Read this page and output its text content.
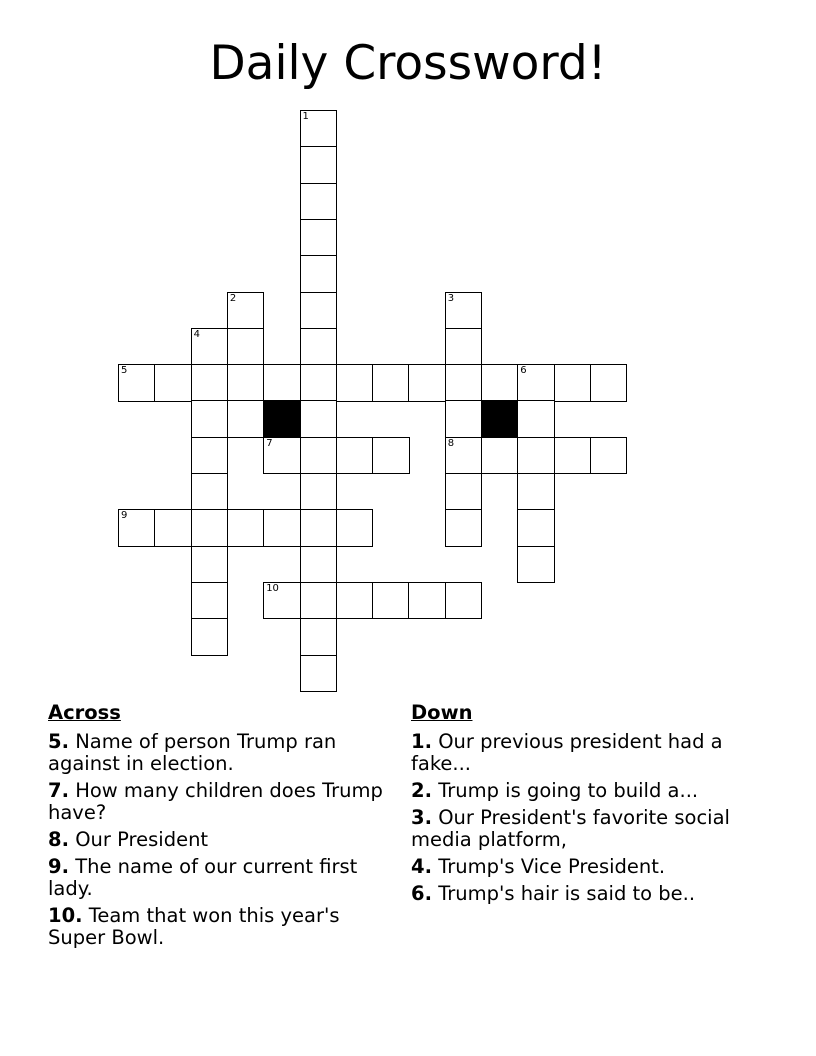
Daily Crossword!
1
2	3
4
5	6
7	8
9
10
Across
5. Name of person Trump ran against in election.
7. How many children does Trump have?
8. Our President
9. The name of our current first lady.
10. Team that won this year's Super Bowl.
Down
1. Our previous president had a fake...
2. Trump is going to build a...
3. Our President's favorite social media platform,
4. Trump's Vice President.
6. Trump's hair is said to be..
